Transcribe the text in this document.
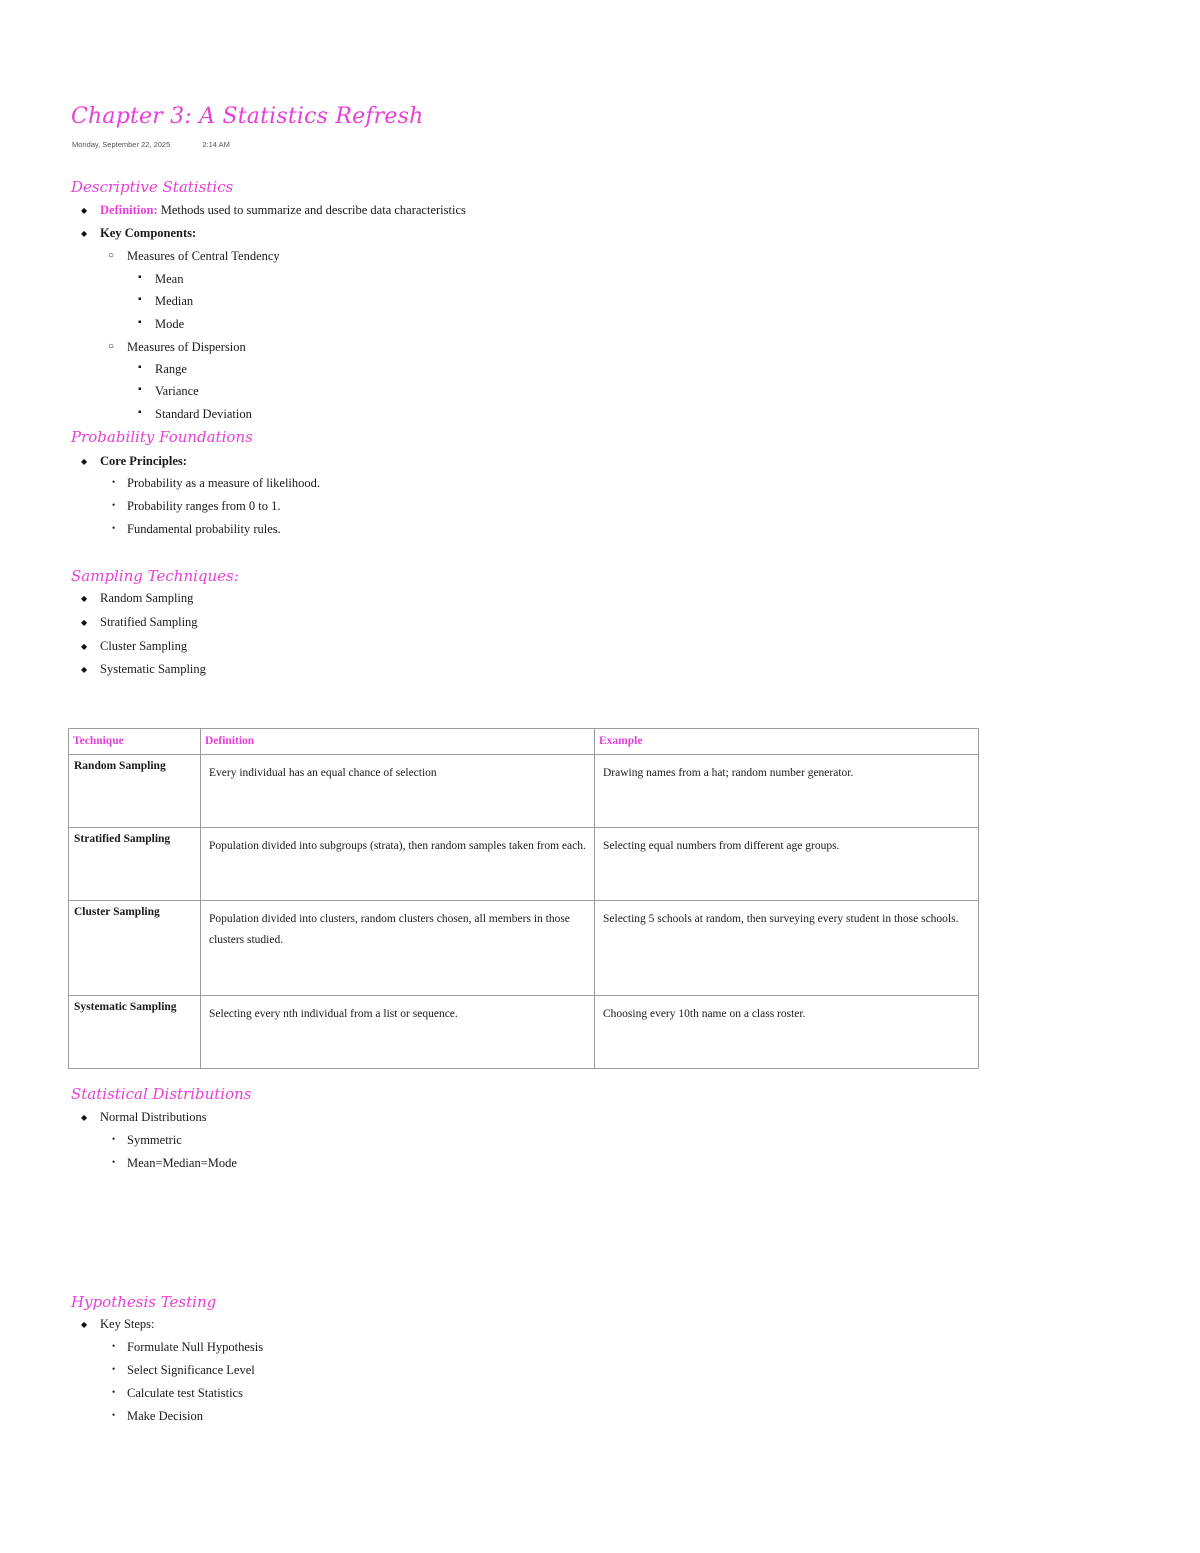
Chapter 3: A Statistics Refresh
Monday, September 22, 2025	2:14 AM
Descriptive Statistics
◆ Definition: Methods used to summarize and describe data characteristics
◆ Key Components:
○ Measures of Central Tendency
▪ Mean
▪ Median
▪ Mode
○ Measures of Dispersion
▪ Range
▪ Variance
▪ Standard Deviation
Probability Foundations
◆ Core Principles:
• Probability as a measure of likelihood.
• Probability ranges from 0 to 1.
• Fundamental probability rules.
Sampling Techniques:
◆ Random Sampling
◆ Stratified Sampling
◆ Cluster Sampling
◆ Systematic Sampling
Technique	Definition	Example
Random Sampling	Every individual has an equal chance of selection	Drawing names from a hat; random number generator.
Stratified Sampling	Population divided into subgroups (strata), then random samples taken from each.	Selecting equal numbers from different age groups.
Cluster Sampling	Population divided into clusters, random clusters chosen, all members in those clusters studied.	Selecting 5 schools at random, then surveying every student in those schools.
Systematic Sampling	Selecting every nth individual from a list or sequence.	Choosing every 10th name on a class roster.
Statistical Distributions
◆ Normal Distributions
• Symmetric
• Mean=Median=Mode
Hypothesis Testing
◆ Key Steps:
• Formulate Null Hypothesis
• Select Significance Level
• Calculate test Statistics
• Make Decision
